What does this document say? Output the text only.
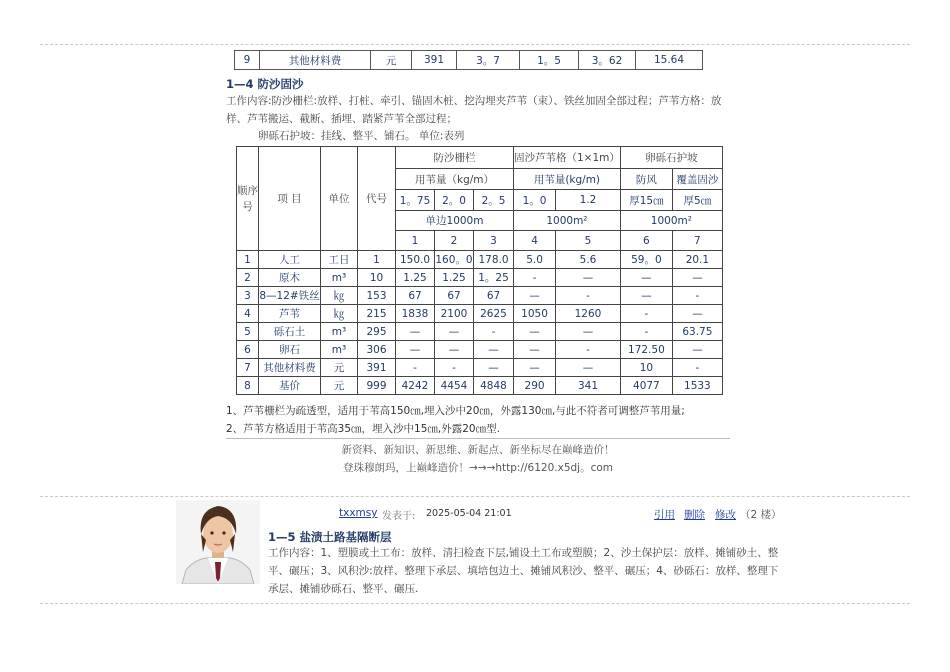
9	其他材料费	元	391	3。7	1。5	3。62	15.64
1—4 防沙固沙
工作内容:防沙栅栏:放样、打桩、牵引、锚固木桩、挖沟埋夹芦苇（束）、铁丝加固全部过程；芦苇方格：放
样、芦苇搬运、截断、插埋、踏紧芦苇全部过程；
卵砾石护坡：挂线、整平、铺石。 单位:表列
顺序号	项 目	单位	代号	防沙栅栏			固沙芦苇格（1×1m）		卵砾石护坡	
				用苇量（kg/m）			用苇量(kg/m)		防风	覆盖固沙
				1。75	2。0	2。5	1。0	1.2	厚15㎝	厚5㎝
				单边1000m			1000m²		1000m²	
				1	2	3	4	5	6	7
1	人工	工日	1	150.0	160。0	178.0	5.0	5.6	59。0	20.1
2	原木	m³	10	1.25	1.25	1。25	-	—	—	—
3	8—12#铁丝	㎏	153	67	67	67	—	-	—	-
4	芦苇	㎏	215	1838	2100	2625	1050	1260	-	—
5	砾石土	m³	295	—	—	-	—	—	-	63.75
6	卵石	m³	306	—	—	—	—	-	172.50	—
7	其他材料费	元	391	-	-	—	—	—	10	-
8	基价	元	999	4242	4454	4848	290	341	4077	1533
1、芦苇栅栏为疏透型，适用于苇高150㎝,埋入沙中20㎝，外露130㎝,与此不符者可调整芦苇用量;
2、芦苇方格适用于苇高35㎝，埋入沙中15㎝,外露20㎝型.
新资料、新知识、新思维、新起点、新坐标尽在巅峰造价！
登珠穆朗玛，上巅峰造价！→→→http://6120.x5dj。com
txxmsy 发表于: 2025-05-04 21:01	引用 删除 修改 （2 楼）
1—5 盐渍土路基隔断层
工作内容：1、塑膜或土工布：放样、清扫检查下层,铺设土工布或塑膜；2、沙土保护层：放样、摊铺砂土、整
平、碾压；3、风积沙:放样、整理下承层、填培包边土、摊铺风积沙、整平、碾压；4、砂砾石：放样、整理下
承层、摊铺砂砾石、整平、碾压.
